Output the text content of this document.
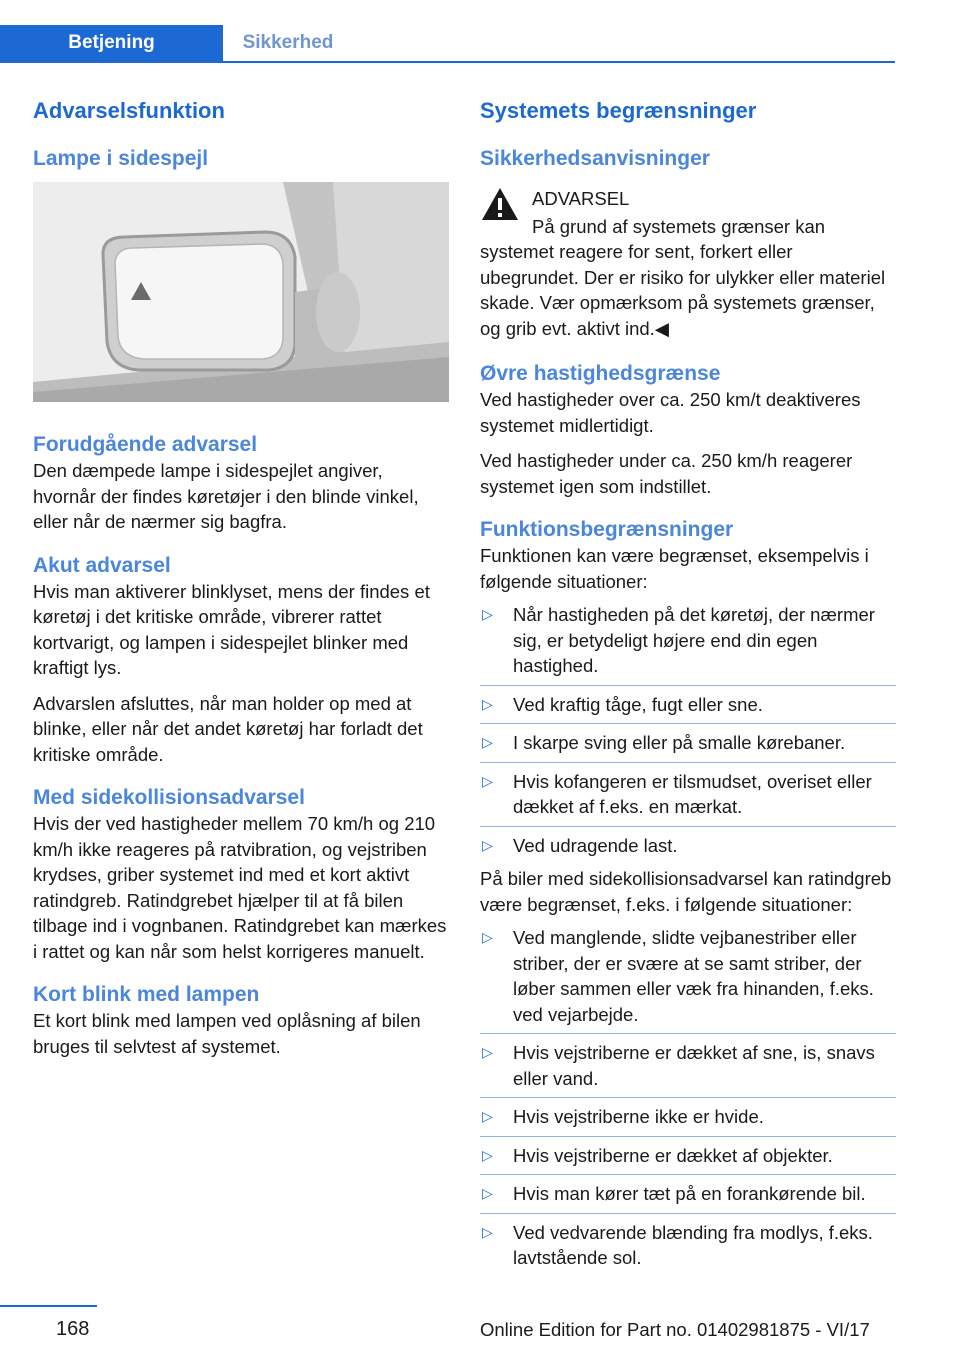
Betjening	Sikkerhed
Advarselsfunktion
Lampe i sidespejl
Forudgående advarsel

Den dæmpede lampe i sidespejlet angiver, hvornår der findes køretøjer i den blinde vinkel, eller når de nærmer sig bagfra.

Akut advarsel

Hvis man aktiverer blinklyset, mens der findes et køretøj i det kritiske område, vibrerer rattet kortvarigt, og lampen i sidespejlet blinker med kraftigt lys.

Advarslen afsluttes, når man holder op med at blinke, eller når det andet køretøj har forladt det kritiske område.

Med sidekollisionsadvarsel

Hvis der ved hastigheder mellem 70 km/h og 210 km/h ikke reageres på ratvibration, og vejstriben krydses, griber systemet ind med et kort aktivt ratindgreb. Ratindgrebet hjælper til at få bilen tilbage ind i vognbanen. Ratindgrebet kan mærkes i rattet og kan når som helst korrigeres manuelt.

Kort blink med lampen

Et kort blink med lampen ved oplåsning af bilen bruges til selvtest af systemet.

Systemets begrænsninger
Sikkerhedsanvisninger
ADVARSEL
På grund af systemets grænser kan systemet reagere for sent, forkert eller ubegrundet. Der er risiko for ulykker eller materiel skade. Vær opmærksom på systemets grænser, og grib evt. aktivt ind.◀
Øvre hastighedsgrænse

Ved hastigheder over ca. 250 km/t deaktiveres systemet midlertidigt.

Ved hastigheder under ca. 250 km/h reagerer systemet igen som indstillet.

Funktionsbegrænsninger

Funktionen kan være begrænset, eksempelvis i følgende situationer:

▷ Når hastigheden på det køretøj, der nærmer sig, er betydeligt højere end din egen hastighed.
▷ Ved kraftig tåge, fugt eller sne.
▷ I skarpe sving eller på smalle kørebaner.
▷ Hvis kofangeren er tilsmudset, overiset eller dækket af f.eks. en mærkat.
▷ Ved udragende last.

På biler med sidekollisionsadvarsel kan ratindgreb være begrænset, f.eks. i følgende situationer:

▷ Ved manglende, slidte vejbanestriber eller striber, der er svære at se samt striber, der løber sammen eller væk fra hinanden, f.eks. ved vejarbejde.
▷ Hvis vejstriberne er dækket af sne, is, snavs eller vand.
▷ Hvis vejstriberne ikke er hvide.
▷ Hvis vejstriberne er dækket af objekter.
▷ Hvis man kører tæt på en forankørende bil.
▷ Ved vedvarende blænding fra modlys, f.eks. lavtstående sol.
168	Online Edition for Part no. 01402981875 - VI/17
